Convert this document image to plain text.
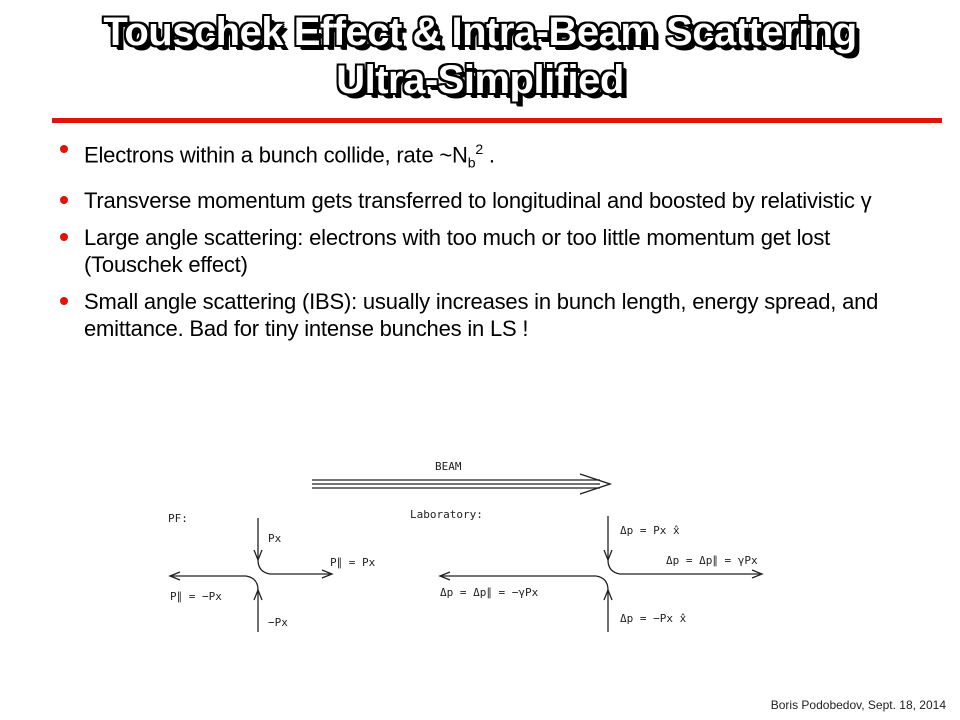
Touschek Effect & Intra-Beam Scattering
Ultra-Simplified
Electrons within a bunch collide, rate $\sim N_b^2$ .
Transverse momentum gets transferred to longitudinal and boosted by relativistic γ
Large angle scattering: electrons with too much or too little momentum get lost (Touschek effect)
Small angle scattering (IBS): usually increases in bunch length, energy spread, and emittance. Bad for tiny intense bunches in LS !
BEAM
PF:
Px
P∥ = Px
P∥ = −Px
−Px
Laboratory:
Δp = Px x̂
Δp = Δp∥ = γPx
Δp = Δp∥ = −γPx
Δp = −Px x̂
Boris Podobedov, Sept. 18, 2014
